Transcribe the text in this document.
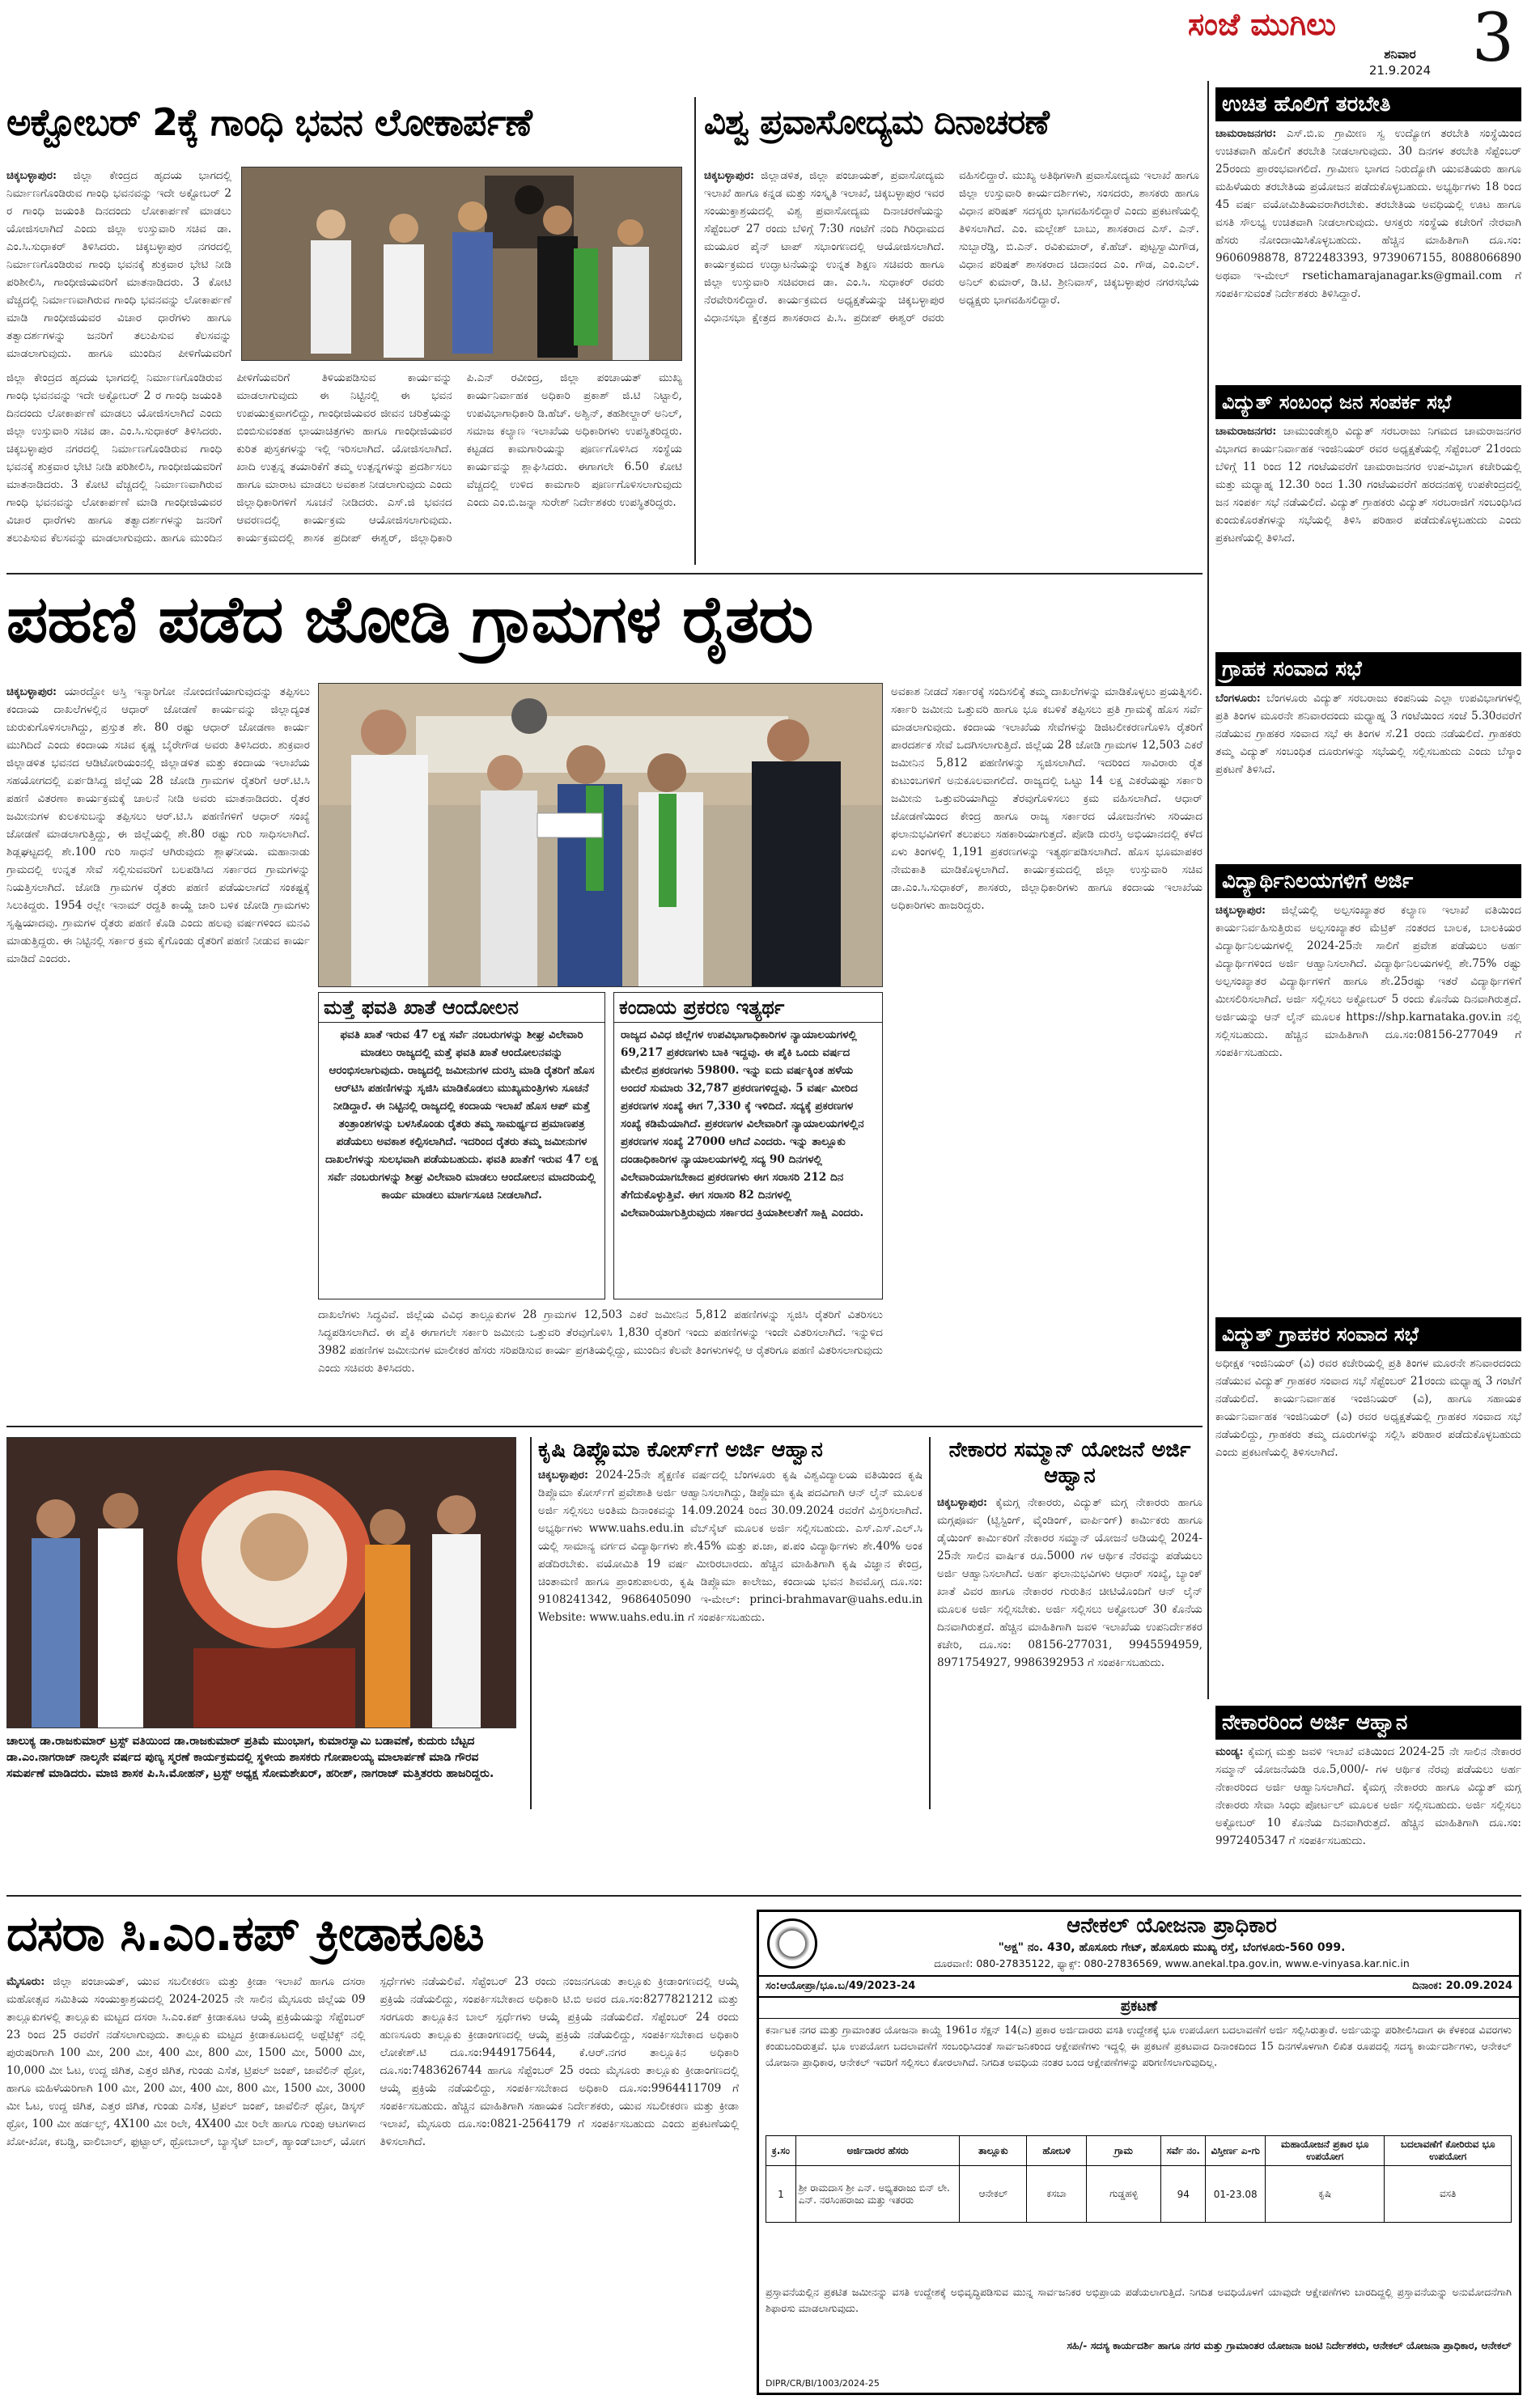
ಸಂಜೆ ಮುಗಿಲು
ಶನಿವಾರ
21.9.2024 3
ಅಕ್ಟೋಬರ್ 2ಕ್ಕೆ ಗಾಂಧಿ ಭವನ ಲೋಕಾರ್ಪಣೆ
ಚಿಕ್ಕಬಳ್ಳಾಪುರ: ಜಿಲ್ಲಾ ಕೇಂದ್ರದ ಹೃದಯ ಭಾಗದಲ್ಲಿ ನಿರ್ಮಾಣಗೊಂಡಿರುವ ಗಾಂಧಿ ಭವನವನ್ನು ಇದೇ ಅಕ್ಟೋಬರ್ 2 ರ ಗಾಂಧಿ ಜಯಂತಿ ದಿನದಂದು ಲೋಕಾರ್ಪಣೆ ಮಾಡಲು ಯೋಜಿಸಲಾಗಿದೆ ಎಂದು ಜಿಲ್ಲಾ ಉಸ್ತುವಾರಿ ಸಚಿವ ಡಾ. ಎಂ.ಸಿ.ಸುಧಾಕರ್ ತಿಳಿಸಿದರು. ಚಿಕ್ಕಬಳ್ಳಾಪುರ ನಗರದಲ್ಲಿ ನಿರ್ಮಾಣಗೊಂಡಿರುವ ಗಾಂಧಿ ಭವನಕ್ಕೆ ಶುಕ್ರವಾರ ಭೇಟಿ ನೀಡಿ ಪರಿಶೀಲಿಸಿ, ಗಾಂಧೀಜಿಯವರಿಗೆ ಮಾತನಾಡಿದರು. 3 ಕೋಟಿ ವೆಚ್ಚದಲ್ಲಿ ನಿರ್ಮಾಣವಾಗಿರುವ ಗಾಂಧಿ ಭವನವನ್ನು ಲೋಕಾರ್ಪಣೆ ಮಾಡಿ ಗಾಂಧೀಜಿಯವರ ವಿಚಾರ ಧಾರೆಗಳು ಹಾಗೂ ತತ್ವಾದರ್ಶಗಳನ್ನು ಜನರಿಗೆ ತಲುಪಿಸುವ ಕೆಲಸವನ್ನು ಮಾಡಲಾಗುವುದು. ಹಾಗೂ ಮುಂದಿನ ಪೀಳಿಗೆಯವರಿಗೆ
ಜಿಲ್ಲಾ ಕೇಂದ್ರದ ಹೃದಯ ಭಾಗದಲ್ಲಿ ನಿರ್ಮಾಣಗೊಂಡಿರುವ ಗಾಂಧಿ ಭವನವನ್ನು ಇದೇ ಅಕ್ಟೋಬರ್ 2 ರ ಗಾಂಧಿ ಜಯಂತಿ ದಿನದಂದು ಲೋಕಾರ್ಪಣೆ ಮಾಡಲು ಯೋಜಿಸಲಾಗಿದೆ ಎಂದು ಜಿಲ್ಲಾ ಉಸ್ತುವಾರಿ ಸಚಿವ ಡಾ. ಎಂ.ಸಿ.ಸುಧಾಕರ್ ತಿಳಿಸಿದರು. ಚಿಕ್ಕಬಳ್ಳಾಪುರ ನಗರದಲ್ಲಿ ನಿರ್ಮಾಣಗೊಂಡಿರುವ ಗಾಂಧಿ ಭವನಕ್ಕೆ ಶುಕ್ರವಾರ ಭೇಟಿ ನೀಡಿ ಪರಿಶೀಲಿಸಿ, ಗಾಂಧೀಜಿಯವರಿಗೆ ಮಾತನಾಡಿದರು. 3 ಕೋಟಿ ವೆಚ್ಚದಲ್ಲಿ ನಿರ್ಮಾಣವಾಗಿರುವ ಗಾಂಧಿ ಭವನವನ್ನು ಲೋಕಾರ್ಪಣೆ ಮಾಡಿ ಗಾಂಧೀಜಿಯವರ ವಿಚಾರ ಧಾರೆಗಳು ಹಾಗೂ ತತ್ವಾದರ್ಶಗಳನ್ನು ಜನರಿಗೆ ತಲುಪಿಸುವ ಕೆಲಸವನ್ನು ಮಾಡಲಾಗುವುದು. ಹಾಗೂ ಮುಂದಿನ ಪೀಳಿಗೆಯವರಿಗೆ ತಿಳಿಯಪಡಿಸುವ ಕಾರ್ಯವನ್ನು ಮಾಡಲಾಗುವುದು ಈ ನಿಟ್ಟಿನಲ್ಲಿ ಈ ಭವನ ಉಪಯುಕ್ತವಾಗಲಿದ್ದು, ಗಾಂಧೀಜಿಯವರ ಜೀವನ ಚರಿತ್ರೆಯನ್ನು ಬಿಂಬಿಸುವಂತಹ ಛಾಯಾಚಿತ್ರಗಳು ಹಾಗೂ ಗಾಂಧೀಜಿಯವರ ಕುರಿತ ಪುಸ್ತಕಗಳನ್ನು ಇಲ್ಲಿ ಇರಿಸಲಾಗಿದೆ. ಯೋಜಿಸಲಾಗಿದೆ. ಖಾದಿ ಉತ್ಪನ್ನ ತಯಾರಿಕೆಗೆ ತಮ್ಮ ಉತ್ಪನ್ನಗಳನ್ನು ಪ್ರದರ್ಶಿಸಲು ಹಾಗೂ ಮಾರಾಟ ಮಾಡಲು ಅವಕಾಶ ನೀಡಲಾಗುವುದು ಎಂದು ಜಿಲ್ಲಾಧಿಕಾರಿಗಳಿಗೆ ಸೂಚನೆ ನೀಡಿದರು. ಎಸ್.ಜಿ ಭವನದ ಆವರಣದಲ್ಲಿ ಕಾರ್ಯಕ್ರಮ ಆಯೋಜಿಸಲಾಗುವುದು. ಕಾರ್ಯಕ್ರಮದಲ್ಲಿ ಶಾಸಕ ಪ್ರದೀಪ್ ಈಶ್ವರ್, ಜಿಲ್ಲಾಧಿಕಾರಿ ಪಿ.ಎನ್ ರವೀಂದ್ರ, ಜಿಲ್ಲಾ ಪಂಚಾಯತ್ ಮುಖ್ಯ ಕಾರ್ಯನಿರ್ವಾಹಕ ಅಧಿಕಾರಿ ಪ್ರಕಾಶ್ ಜಿ.ಟಿ ನಿಟ್ಟಾಲಿ, ಉಪವಿಭಾಗಾಧಿಕಾರಿ ಡಿ.ಹೆಚ್. ಅಶ್ವಿನ್, ತಹಶೀಲ್ದಾರ್ ಅನಿಲ್, ಸಮಾಜ ಕಲ್ಯಾಣ ಇಲಾಖೆಯ ಅಧಿಕಾರಿಗಳು ಉಪಸ್ಥಿತರಿದ್ದರು. ಕಟ್ಟಡದ ಕಾಮಗಾರಿಯನ್ನು ಪೂರ್ಣಗೊಳಿಸಿದ ಸಂಸ್ಥೆಯ ಕಾರ್ಯವನ್ನು ಶ್ಲಾಘಿಸಿದರು. ಈಗಾಗಲೇ 6.50 ಕೋಟಿ ವೆಚ್ಚದಲ್ಲಿ ಉಳಿದ ಕಾಮಗಾರಿ ಪೂರ್ಣಗೊಳಿಸಲಾಗುವುದು ಎಂದು ಎಂ.ಬಿ.ಜನ್ನಾ ಸುರೇಶ್ ನಿರ್ದೇಶಕರು ಉಪಸ್ಥಿತರಿದ್ದರು.
ವಿಶ್ವ ಪ್ರವಾಸೋದ್ಯಮ ದಿನಾಚರಣೆ
ಚಿಕ್ಕಬಳ್ಳಾಪುರ: ಜಿಲ್ಲಾಡಳಿತ, ಜಿಲ್ಲಾ ಪಂಚಾಯತ್, ಪ್ರವಾಸೋದ್ಯಮ ಇಲಾಖೆ ಹಾಗೂ ಕನ್ನಡ ಮತ್ತು ಸಂಸ್ಕೃತಿ ಇಲಾಖೆ, ಚಿಕ್ಕಬಳ್ಳಾಪುರ ಇವರ ಸಂಯುಕ್ತಾಶ್ರಯದಲ್ಲಿ ವಿಶ್ವ ಪ್ರವಾಸೋದ್ಯಮ ದಿನಾಚರಣೆಯನ್ನು ಸೆಪ್ಟೆಂಬರ್ 27 ರಂದು ಬೆಳಿಗ್ಗೆ 7:30 ಗಂಟೆಗೆ ನಂದಿ ಗಿರಿಧಾಮದ ಮಯೂರ ಪೈನ್ ಟಾಪ್ ಸಭಾಂಗಣದಲ್ಲಿ ಆಯೋಜಿಸಲಾಗಿದೆ. ಕಾರ್ಯಕ್ರಮದ ಉದ್ಘಾಟನೆಯನ್ನು ಉನ್ನತ ಶಿಕ್ಷಣ ಸಚಿವರು ಹಾಗೂ ಜಿಲ್ಲಾ ಉಸ್ತುವಾರಿ ಸಚಿವರಾದ ಡಾ. ಎಂ.ಸಿ. ಸುಧಾಕರ್ ರವರು ನೆರವೇರಿಸಲಿದ್ದಾರೆ. ಕಾರ್ಯಕ್ರಮದ ಅಧ್ಯಕ್ಷತೆಯನ್ನು ಚಿಕ್ಕಬಳ್ಳಾಪುರ ವಿಧಾನಸಭಾ ಕ್ಷೇತ್ರದ ಶಾಸಕರಾದ ಪಿ.ಸಿ. ಪ್ರದೀಪ್ ಈಶ್ವರ್ ರವರು ವಹಿಸಲಿದ್ದಾರೆ. ಮುಖ್ಯ ಅತಿಥಿಗಳಾಗಿ ಪ್ರವಾಸೋದ್ಯಮ ಇಲಾಖೆ ಹಾಗೂ ಜಿಲ್ಲಾ ಉಸ್ತುವಾರಿ ಕಾರ್ಯದರ್ಶಿಗಳು, ಸಂಸದರು, ಶಾಸಕರು ಹಾಗೂ ವಿಧಾನ ಪರಿಷತ್ ಸದಸ್ಯರು ಭಾಗವಹಿಸಲಿದ್ದಾರೆ ಎಂದು ಪ್ರಕಟಣೆಯಲ್ಲಿ ತಿಳಿಸಲಾಗಿದೆ. ಎಂ. ಮಲ್ಲೇಶ್ ಬಾಬು, ಶಾಸಕರಾದ ಎಸ್. ಎನ್. ಸುಬ್ಬಾರೆಡ್ಡಿ, ಬಿ.ಎನ್. ರವಿಕುಮಾರ್, ಕೆ.ಹೆಚ್. ಪುಟ್ಟಸ್ವಾಮಿಗೌಡ, ವಿಧಾನ ಪರಿಷತ್ ಶಾಸಕರಾದ ಚಿದಾನಂದ ಎಂ. ಗೌಡ, ಎಂ.ಎಲ್. ಅನಿಲ್ ಕುಮಾರ್, ಡಿ.ಟಿ. ಶ್ರೀನಿವಾಸ್, ಚಿಕ್ಕಬಳ್ಳಾಪುರ ನಗರಸಭೆಯ ಅಧ್ಯಕ್ಷರು ಭಾಗವಹಿಸಲಿದ್ದಾರೆ.
ಉಚಿತ ಹೊಲಿಗೆ ತರಬೇತಿ
ಚಾಮರಾಜನಗರ: ಎಸ್.ಬಿ.ಐ ಗ್ರಾಮೀಣ ಸ್ವ ಉದ್ಯೋಗ ತರಬೇತಿ ಸಂಸ್ಥೆಯಿಂದ ಉಚಿತವಾಗಿ ಹೊಲಿಗೆ ತರಬೇತಿ ನೀಡಲಾಗುವುದು. 30 ದಿನಗಳ ತರಬೇತಿ ಸೆಪ್ಟೆಂಬರ್ 25ರಂದು ಪ್ರಾರಂಭವಾಗಲಿದೆ. ಗ್ರಾಮೀಣ ಭಾಗದ ನಿರುದ್ಯೋಗಿ ಯುವತಿಯರು ಹಾಗೂ ಮಹಿಳೆಯರು ತರಬೇತಿಯ ಪ್ರಯೋಜನ ಪಡೆದುಕೊಳ್ಳಬಹುದು. ಅಭ್ಯರ್ಥಿಗಳು 18 ರಿಂದ 45 ವರ್ಷ ವಯೋಮಿತಿಯವರಾಗಿರಬೇಕು. ತರಬೇತಿಯ ಅವಧಿಯಲ್ಲಿ ಊಟ ಹಾಗೂ ವಸತಿ ಸೌಲಭ್ಯ ಉಚಿತವಾಗಿ ನೀಡಲಾಗುವುದು. ಆಸಕ್ತರು ಸಂಸ್ಥೆಯ ಕಚೇರಿಗೆ ನೇರವಾಗಿ ಹೆಸರು ನೋಂದಾಯಿಸಿಕೊಳ್ಳಬಹುದು. ಹೆಚ್ಚಿನ ಮಾಹಿತಿಗಾಗಿ ದೂ.ಸಂ: 9606098878, 8722483393, 9739067155, 8088066890 ಅಥವಾ ಇ-ಮೇಲ್ rsetichamarajanagar.ks@gmail.com ಗೆ ಸಂಪರ್ಕಿಸುವಂತೆ ನಿರ್ದೇಶಕರು ತಿಳಿಸಿದ್ದಾರೆ.
ವಿದ್ಯುತ್ ಸಂಬಂಧ ಜನ ಸಂಪರ್ಕ ಸಭೆ
ಚಾಮರಾಜನಗರ: ಚಾಮುಂಡೇಶ್ವರಿ ವಿದ್ಯುತ್ ಸರಬರಾಜು ನಿಗಮದ ಚಾಮರಾಜನಗರ ವಿಭಾಗದ ಕಾರ್ಯನಿರ್ವಾಹಕ ಇಂಜಿನಿಯರ್ ರವರ ಅಧ್ಯಕ್ಷತೆಯಲ್ಲಿ ಸೆಪ್ಟೆಂಬರ್ 21ರಂದು ಬೆಳಿಗ್ಗೆ 11 ರಿಂದ 12 ಗಂಟೆಯವರೆಗೆ ಚಾಮರಾಜನಗರ ಉಪ-ವಿಭಾಗ ಕಚೇರಿಯಲ್ಲಿ ಮತ್ತು ಮಧ್ಯಾಹ್ನ 12.30 ರಿಂದ 1.30 ಗಂಟೆಯವರೆಗೆ ಹರದನಹಳ್ಳಿ ಉಪಕೇಂದ್ರದಲ್ಲಿ ಜನ ಸಂಪರ್ಕ ಸಭೆ ನಡೆಯಲಿದೆ. ವಿದ್ಯುತ್ ಗ್ರಾಹಕರು ವಿದ್ಯುತ್ ಸರಬರಾಜಿಗೆ ಸಂಬಂಧಿಸಿದ ಕುಂದುಕೊರತೆಗಳನ್ನು ಸಭೆಯಲ್ಲಿ ತಿಳಿಸಿ ಪರಿಹಾರ ಪಡೆದುಕೊಳ್ಳಬಹುದು ಎಂದು ಪ್ರಕಟಣೆಯಲ್ಲಿ ತಿಳಿಸಿದೆ.
ಗ್ರಾಹಕ ಸಂವಾದ ಸಭೆ
ಬೆಂಗಳೂರು: ಬೆಂಗಳೂರು ವಿದ್ಯುತ್ ಸರಬರಾಜು ಕಂಪನಿಯ ಎಲ್ಲಾ ಉಪವಿಭಾಗಗಳಲ್ಲಿ ಪ್ರತಿ ತಿಂಗಳ ಮೂರನೇ ಶನಿವಾರದಂದು ಮಧ್ಯಾಹ್ನ 3 ಗಂಟೆಯಿಂದ ಸಂಜೆ 5.30ರವರೆಗೆ ನಡೆಯುವ ಗ್ರಾಹಕರ ಸಂವಾದ ಸಭೆ ಈ ತಿಂಗಳ ಸೆ.21 ರಂದು ನಡೆಯಲಿದೆ. ಗ್ರಾಹಕರು ತಮ್ಮ ವಿದ್ಯುತ್ ಸಂಬಂಧಿತ ದೂರುಗಳನ್ನು ಸಭೆಯಲ್ಲಿ ಸಲ್ಲಿಸಬಹುದು ಎಂದು ಬೆಸ್ಕಾಂ ಪ್ರಕಟಣೆ ತಿಳಿಸಿದೆ.
ವಿದ್ಯಾರ್ಥಿನಿಲಯಗಳಿಗೆ ಅರ್ಜಿ
ಚಿಕ್ಕಬಳ್ಳಾಪುರ: ಜಿಲ್ಲೆಯಲ್ಲಿ ಅಲ್ಪಸಂಖ್ಯಾತರ ಕಲ್ಯಾಣ ಇಲಾಖೆ ವತಿಯಿಂದ ಕಾರ್ಯನಿರ್ವಹಿಸುತ್ತಿರುವ ಅಲ್ಪಸಂಖ್ಯಾತರ ಮೆಟ್ರಿಕ್ ನಂತರದ ಬಾಲಕ, ಬಾಲಕಿಯರ ವಿದ್ಯಾರ್ಥಿನಿಲಯಗಳಲ್ಲಿ 2024-25ನೇ ಸಾಲಿಗೆ ಪ್ರವೇಶ ಪಡೆಯಲು ಅರ್ಹ ವಿದ್ಯಾರ್ಥಿಗಳಿಂದ ಅರ್ಜಿ ಆಹ್ವಾನಿಸಲಾಗಿದೆ. ವಿದ್ಯಾರ್ಥಿನಿಲಯಗಳಲ್ಲಿ ಶೇ.75% ರಷ್ಟು ಅಲ್ಪಸಂಖ್ಯಾತರ ವಿದ್ಯಾರ್ಥಿಗಳಿಗೆ ಹಾಗೂ ಶೇ.25ರಷ್ಟು ಇತರೆ ವಿದ್ಯಾರ್ಥಿಗಳಿಗೆ ಮೀಸಲಿರಿಸಲಾಗಿದೆ. ಅರ್ಜಿ ಸಲ್ಲಿಸಲು ಅಕ್ಟೋಬರ್ 5 ರಂದು ಕೊನೆಯ ದಿನವಾಗಿರುತ್ತದೆ. ಅರ್ಜಿಯನ್ನು ಆನ್ ಲೈನ್ ಮೂಲಕ https://shp.karnataka.gov.in ನಲ್ಲಿ ಸಲ್ಲಿಸಬಹುದು. ಹೆಚ್ಚಿನ ಮಾಹಿತಿಗಾಗಿ ದೂ.ಸಂ:08156-277049 ಗೆ ಸಂಪರ್ಕಿಸಬಹುದು.
ವಿದ್ಯುತ್ ಗ್ರಾಹಕರ ಸಂವಾದ ಸಭೆ
ಅಧೀಕ್ಷಕ ಇಂಜಿನಿಯರ್ (ವಿ) ರವರ ಕಚೇರಿಯಲ್ಲಿ ಪ್ರತಿ ತಿಂಗಳ ಮೂರನೇ ಶನಿವಾರದಂದು ನಡೆಯುವ ವಿದ್ಯುತ್ ಗ್ರಾಹಕರ ಸಂವಾದ ಸಭೆ ಸೆಪ್ಟೆಂಬರ್ 21ರಂದು ಮಧ್ಯಾಹ್ನ 3 ಗಂಟೆಗೆ ನಡೆಯಲಿದೆ. ಕಾರ್ಯನಿರ್ವಾಹಕ ಇಂಜಿನಿಯರ್ (ವಿ), ಹಾಗೂ ಸಹಾಯಕ ಕಾರ್ಯನಿರ್ವಾಹಕ ಇಂಜಿನಿಯರ್ (ವಿ) ರವರ ಅಧ್ಯಕ್ಷತೆಯಲ್ಲಿ ಗ್ರಾಹಕರ ಸಂವಾದ ಸಭೆ ನಡೆಯಲಿದ್ದು, ಗ್ರಾಹಕರು ತಮ್ಮ ದೂರುಗಳನ್ನು ಸಲ್ಲಿಸಿ ಪರಿಹಾರ ಪಡೆದುಕೊಳ್ಳಬಹುದು ಎಂದು ಪ್ರಕಟಣೆಯಲ್ಲಿ ತಿಳಿಸಲಾಗಿದೆ.
ನೇಕಾರರಿಂದ ಅರ್ಜಿ ಆಹ್ವಾನ
ಮಂಡ್ಯ: ಕೈಮಗ್ಗ ಮತ್ತು ಜವಳಿ ಇಲಾಖೆ ವತಿಯಿಂದ 2024-25 ನೇ ಸಾಲಿನ ನೇಕಾರರ ಸಮ್ಮಾನ್ ಯೋಜನೆಯಡಿ ರೂ.5,000/- ಗಳ ಆರ್ಥಿಕ ನೆರವು ಪಡೆಯಲು ಅರ್ಹ ನೇಕಾರರಿಂದ ಅರ್ಜಿ ಆಹ್ವಾನಿಸಲಾಗಿದೆ. ಕೈಮಗ್ಗ ನೇಕಾರರು ಹಾಗೂ ವಿದ್ಯುತ್ ಮಗ್ಗ ನೇಕಾರರು ಸೇವಾ ಸಿಂಧು ಪೋರ್ಟಲ್ ಮೂಲಕ ಅರ್ಜಿ ಸಲ್ಲಿಸಬಹುದು. ಅರ್ಜಿ ಸಲ್ಲಿಸಲು ಅಕ್ಟೋಬರ್ 10 ಕೊನೆಯ ದಿನವಾಗಿರುತ್ತದೆ. ಹೆಚ್ಚಿನ ಮಾಹಿತಿಗಾಗಿ ದೂ.ಸಂ: 9972405347 ಗೆ ಸಂಪರ್ಕಿಸಬಹುದು.
ಪಹಣಿ ಪಡೆದ ಜೋಡಿ ಗ್ರಾಮಗಳ ರೈತರು
ಚಿಕ್ಕಬಳ್ಳಾಪುರ: ಯಾರದ್ದೋ ಅಸ್ತಿ ಇನ್ಯಾರಿಗೋ ನೋಂದಣಿಯಾಗುವುದನ್ನು ತಪ್ಪಿಸಲು ಕಂದಾಯ ದಾಖಲೆಗಳಲ್ಲಿನ ಆಧಾರ್ ಜೋಡಣೆ ಕಾರ್ಯವನ್ನು ಜಿಲ್ಲಾದ್ಯಂತ ಚುರುಕುಗೊಳಿಸಲಾಗಿದ್ದು, ಪ್ರಸ್ತುತ ಶೇ. 80 ರಷ್ಟು ಆಧಾರ್ ಜೋಡಣಾ ಕಾರ್ಯ ಮುಗಿದಿದೆ ಎಂದು ಕಂದಾಯ ಸಚಿವ ಕೃಷ್ಣ ಬೈರೇಗೌಡ ಅವರು ತಿಳಿಸಿದರು. ಶುಕ್ರವಾರ ಜಿಲ್ಲಾಡಳಿತ ಭವನದ ಆಡಿಟೋರಿಯಂನಲ್ಲಿ ಜಿಲ್ಲಾಡಳಿತ ಮತ್ತು ಕಂದಾಯ ಇಲಾಖೆಯ ಸಹಯೋಗದಲ್ಲಿ ಏರ್ಪಡಿಸಿದ್ದ ಜಿಲ್ಲೆಯ 28 ಜೋಡಿ ಗ್ರಾಮಗಳ ರೈತರಿಗೆ ಆರ್.ಟಿ.ಸಿ ಪಹಣಿ ವಿತರಣಾ ಕಾರ್ಯಕ್ರಮಕ್ಕೆ ಚಾಲನೆ ನೀಡಿ ಅವರು ಮಾತನಾಡಿದರು. ರೈತರ ಜಮೀನುಗಳ ಕುಲಕಸುಬನ್ನು ತಪ್ಪಿಸಲು ಆರ್.ಟಿ.ಸಿ ಪಹಣಿಗಳಿಗೆ ಆಧಾರ್ ಸಂಖ್ಯೆ ಜೋಡಣೆ ಮಾಡಲಾಗುತ್ತಿದ್ದು, ಈ ಜಿಲ್ಲೆಯಲ್ಲಿ ಶೇ.80 ರಷ್ಟು ಗುರಿ ಸಾಧಿಸಲಾಗಿದೆ. ಶಿಡ್ಲಘಟ್ಟದಲ್ಲಿ ಶೇ.100 ಗುರಿ ಸಾಧನೆ ಆಗಿರುವುದು ಶ್ಲಾಘನೀಯ. ಮಹಾನಾಡು ಗ್ರಾಮದಲ್ಲಿ ಉನ್ನತ ಸೇವೆ ಸಲ್ಲಿಸುವವರಿಗೆ ಬಲಪಡಿಸಿದ ಸರ್ಕಾರದ ಗ್ರಾಮಗಳನ್ನು ನಿಯತ್ತಿಸಲಾಗಿದೆ. ಜೋಡಿ ಗ್ರಾಮಗಳ ರೈತರು ಪಹಣಿ ಪಡೆಯಲಾಗದೆ ಸಂಕಷ್ಟಕ್ಕೆ ಸಿಲುಕಿದ್ದರು. 1954 ರಲ್ಲೇ ಇನಾಮ್ ರದ್ದತಿ ಕಾಯ್ದೆ ಜಾರಿ ಬಳಿಕ ಜೋಡಿ ಗ್ರಾಮಗಳು ಸೃಷ್ಟಿಯಾದವು. ಗ್ರಾಮಗಳ ರೈತರು ಪಹಣಿ ಕೊಡಿ ಎಂದು ಹಲವು ವರ್ಷಗಳಿಂದ ಮನವಿ ಮಾಡುತ್ತಿದ್ದರು. ಈ ನಿಟ್ಟಿನಲ್ಲಿ ಸರ್ಕಾರ ಕ್ರಮ ಕೈಗೊಂಡು ರೈತರಿಗೆ ಪಹಣಿ ನೀಡುವ ಕಾರ್ಯ ಮಾಡಿದೆ ಎಂದರು.
ಮತ್ತೆ ಫವತಿ ಖಾತೆ ಆಂದೋಲನ
ಫವತಿ ಖಾತೆ ಇರುವ 47 ಲಕ್ಷ ಸರ್ವೆ ನಂಬರುಗಳನ್ನು ಶೀಘ್ರ ವಿಲೇವಾರಿ ಮಾಡಲು ರಾಜ್ಯದಲ್ಲಿ ಮತ್ತೆ ಫವತಿ ಖಾತೆ ಆಂದೋಲನವನ್ನು ಆರಂಭಿಸಲಾಗುವುದು. ರಾಜ್ಯದಲ್ಲಿ ಜಮೀನುಗಳ ದುರಸ್ತಿ ಮಾಡಿ ರೈತರಿಗೆ ಹೊಸ ಆರ್‌ಟಿಸಿ ಪಹಣಿಗಳನ್ನು ಸೃಜಿಸಿ ಮಾಡಿಕೊಡಲು ಮುಖ್ಯಮಂತ್ರಿಗಳು ಸೂಚನೆ ನೀಡಿದ್ದಾರೆ. ಈ ನಿಟ್ಟಿನಲ್ಲಿ ರಾಜ್ಯದಲ್ಲಿ ಕಂದಾಯ ಇಲಾಖೆ ಹೊಸ ಆಪ್ ಮತ್ತೆ ತಂತ್ರಾಂಶಗಳನ್ನು ಬಳಸಿಕೊಂಡು ರೈತರು ತಮ್ಮ ಸಾಮರ್ಥ್ಯದ ಪ್ರಮಾಣಪತ್ರ ಪಡೆಯಲು ಅವಕಾಶ ಕಲ್ಪಿಸಲಾಗಿದೆ. ಇದರಿಂದ ರೈತರು ತಮ್ಮ ಜಮೀನುಗಳ ದಾಖಲೆಗಳನ್ನು ಸುಲಭವಾಗಿ ಪಡೆಯಬಹುದು. ಫವತಿ ಖಾತೆಗೆ ಇರುವ 47 ಲಕ್ಷ ಸರ್ವೆ ನಂಬರುಗಳನ್ನು ಶೀಘ್ರ ವಿಲೇವಾರಿ ಮಾಡಲು ಆಂದೋಲನ ಮಾದರಿಯಲ್ಲಿ ಕಾರ್ಯ ಮಾಡಲು ಮಾರ್ಗಸೂಚಿ ನೀಡಲಾಗಿದೆ.
ಕಂದಾಯ ಪ್ರಕರಣ ಇತ್ಯರ್ಥ
ರಾಜ್ಯದ ವಿವಿಧ ಜಿಲ್ಲೆಗಳ ಉಪವಿಭಾಗಾಧಿಕಾರಿಗಳ ನ್ಯಾಯಾಲಯಗಳಲ್ಲಿ 69,217 ಪ್ರಕರಣಗಳು ಬಾಕಿ ಇದ್ದವು. ಈ ಪೈಕಿ ಒಂದು ವರ್ಷದ ಮೇಲಿನ ಪ್ರಕರಣಗಳು 59800. ಇನ್ನು ಐದು ವರ್ಷಕ್ಕಿಂತ ಹಳೆಯ ಅಂದರೆ ಸುಮಾರು 32,787 ಪ್ರಕರಣಗಳಿದ್ದವು. 5 ವರ್ಷ ಮೀರಿದ ಪ್ರಕರಣಗಳ ಸಂಖ್ಯೆ ಈಗ 7,330 ಕ್ಕೆ ಇಳಿದಿದೆ. ಸದ್ಯಕ್ಕೆ ಪ್ರಕರಣಗಳ ಸಂಖ್ಯೆ ಕಡಿಮೆಯಾಗಿದೆ. ಪ್ರಕರಣಗಳ ವಿಲೇವಾರಿಗೆ ನ್ಯಾಯಾಲಯಗಳಲ್ಲಿನ ಪ್ರಕರಣಗಳ ಸಂಖ್ಯೆ 27000 ಆಗಿದೆ ಎಂದರು. ಇನ್ನು ತಾಲ್ಲೂಕು ದಂಡಾಧಿಕಾರಿಗಳ ನ್ಯಾಯಾಲಯಗಳಲ್ಲಿ ಸದ್ಯ 90 ದಿನಗಳಲ್ಲಿ ವಿಲೇವಾರಿಯಾಗಬೇಕಾದ ಪ್ರಕರಣಗಳು ಈಗ ಸರಾಸರಿ 212 ದಿನ ತೆಗೆದುಕೊಳ್ಳುತ್ತಿವೆ. ಈಗ ಸರಾಸರಿ 82 ದಿನಗಳಲ್ಲಿ ವಿಲೇವಾರಿಯಾಗುತ್ತಿರುವುದು ಸರ್ಕಾರದ ಕ್ರಿಯಾಶೀಲತೆಗೆ ಸಾಕ್ಷಿ ಎಂದರು.
ದಾಖಲೆಗಳು ಸಿದ್ಧವಿವೆ. ಜಿಲ್ಲೆಯ ವಿವಿಧ ತಾಲ್ಲೂಕುಗಳ 28 ಗ್ರಾಮಗಳ 12,503 ಎಕರೆ ಜಮೀನಿನ 5,812 ಪಹಣಿಗಳನ್ನು ಸೃಜಿಸಿ ರೈತರಿಗೆ ವಿತರಿಸಲು ಸಿದ್ಧಪಡಿಸಲಾಗಿದೆ. ಈ ಪೈಕಿ ಈಗಾಗಲೇ ಸರ್ಕಾರಿ ಜಮೀನು ಒತ್ತುವರಿ ತೆರವುಗೊಳಿಸಿ 1,830 ರೈತರಿಗೆ ಇಂದು ಪಹಣಿಗಳನ್ನು ಇಂದೇ ವಿತರಿಸಲಾಗಿದೆ. ಇನ್ನುಳಿದ 3982 ಪಹಣಿಗಳ ಜಮೀನುಗಳ ಮಾಲೀಕರ ಹೆಸರು ಸರಿಪಡಿಸುವ ಕಾರ್ಯ ಪ್ರಗತಿಯಲ್ಲಿದ್ದು, ಮುಂದಿನ ಕೆಲವೇ ತಿಂಗಳುಗಳಲ್ಲಿ ಆ ರೈತರಿಗೂ ಪಹಣಿ ವಿತರಿಸಲಾಗುವುದು ಎಂದು ಸಚಿವರು ತಿಳಿಸಿದರು.
ಅವಕಾಶ ನೀಡದೆ ಸರ್ಕಾರಕ್ಕೆ ಸಂದಿಸಲಿಕ್ಕೆ ತಮ್ಮ ದಾಖಲೆಗಳನ್ನು ಮಾಡಿಕೊಳ್ಳಲು ಪ್ರಯತ್ನಿಸಲಿ. ಸರ್ಕಾರಿ ಜಮೀನು ಒತ್ತುವರಿ ಹಾಗೂ ಭೂ ಕಬಳಿಕೆ ತಪ್ಪಿಸಲು ಪ್ರತಿ ಗ್ರಾಮಕ್ಕೆ ಹೊಸ ಸರ್ವೆ ಮಾಡಲಾಗುವುದು. ಕಂದಾಯ ಇಲಾಖೆಯ ಸೇವೆಗಳನ್ನು ಡಿಜಿಟಲೀಕರಣಗೊಳಿಸಿ ರೈತರಿಗೆ ಪಾರದರ್ಶಕ ಸೇವೆ ಒದಗಿಸಲಾಗುತ್ತಿದೆ. ಜಿಲ್ಲೆಯ 28 ಜೋಡಿ ಗ್ರಾಮಗಳ 12,503 ಎಕರೆ ಜಮೀನಿನ 5,812 ಪಹಣಿಗಳನ್ನು ಸೃಜಿಸಲಾಗಿದೆ. ಇದರಿಂದ ಸಾವಿರಾರು ರೈತ ಕುಟುಂಬಗಳಿಗೆ ಅನುಕೂಲವಾಗಲಿದೆ. ರಾಜ್ಯದಲ್ಲಿ ಒಟ್ಟು 14 ಲಕ್ಷ ಎಕರೆಯಷ್ಟು ಸರ್ಕಾರಿ ಜಮೀನು ಒತ್ತುವರಿಯಾಗಿದ್ದು ತೆರವುಗೊಳಿಸಲು ಕ್ರಮ ವಹಿಸಲಾಗಿದೆ. ಆಧಾರ್ ಜೋಡಣೆಯಿಂದ ಕೇಂದ್ರ ಹಾಗೂ ರಾಜ್ಯ ಸರ್ಕಾರದ ಯೋಜನೆಗಳು ಸರಿಯಾದ ಫಲಾನುಭವಿಗಳಿಗೆ ತಲುಪಲು ಸಹಕಾರಿಯಾಗುತ್ತದೆ. ಪೋಡಿ ದುರಸ್ತಿ ಅಭಿಯಾನದಲ್ಲಿ ಕಳೆದ ಏಳು ತಿಂಗಳಲ್ಲಿ 1,191 ಪ್ರಕರಣಗಳನ್ನು ಇತ್ಯರ್ಥಪಡಿಸಲಾಗಿದೆ. ಹೊಸ ಭೂಮಾಪಕರ ನೇಮಕಾತಿ ಮಾಡಿಕೊಳ್ಳಲಾಗಿದೆ. ಕಾರ್ಯಕ್ರಮದಲ್ಲಿ ಜಿಲ್ಲಾ ಉಸ್ತುವಾರಿ ಸಚಿವ ಡಾ.ಎಂ.ಸಿ.ಸುಧಾಕರ್, ಶಾಸಕರು, ಜಿಲ್ಲಾಧಿಕಾರಿಗಳು ಹಾಗೂ ಕಂದಾಯ ಇಲಾಖೆಯ ಅಧಿಕಾರಿಗಳು ಹಾಜರಿದ್ದರು.
ಚಾಲುಕ್ಯ ಡಾ.ರಾಜಕುಮಾರ್ ಟ್ರಸ್ಟ್ ವತಿಯಿಂದ ಡಾ.ರಾಜಕುಮಾರ್ ಪ್ರತಿಮೆ ಮುಂಭಾಗ, ಕುಮಾರಸ್ವಾಮಿ ಬಡಾವಣೆ, ಕುದುರು ಬೆಟ್ಟದ ಡಾ.ಎಂ.ನಾಗರಾಜ್ ನಾಲ್ಕನೇ ವರ್ಷದ ಪುಣ್ಯ ಸ್ಮರಣೆ ಕಾರ್ಯಕ್ರಮದಲ್ಲಿ ಸ್ಥಳೀಯ ಶಾಸಕರು ಗೋಪಾಲಯ್ಯ ಮಾಲಾರ್ಪಣೆ ಮಾಡಿ ಗೌರವ ಸಮರ್ಪಣೆ ಮಾಡಿದರು. ಮಾಜಿ ಶಾಸಕ ಪಿ.ಸಿ.ಮೋಹನ್, ಟ್ರಸ್ಟ್ ಅಧ್ಯಕ್ಷ ಸೋಮಶೇಖರ್, ಹರೀಶ್, ನಾಗರಾಜ್ ಮತ್ತಿತರರು ಹಾಜರಿದ್ದರು.
ಕೃಷಿ ಡಿಪ್ಲೊಮಾ ಕೋರ್ಸ್‌ಗೆ ಅರ್ಜಿ ಆಹ್ವಾನ
ಚಿಕ್ಕಬಳ್ಳಾಪುರ: 2024-25ನೇ ಶೈಕ್ಷಣಿಕ ವರ್ಷದಲ್ಲಿ ಬೆಂಗಳೂರು ಕೃಷಿ ವಿಶ್ವವಿದ್ಯಾಲಯ ವತಿಯಿಂದ ಕೃಷಿ ಡಿಪ್ಲೊಮಾ ಕೋರ್ಸ್‌ಗೆ ಪ್ರವೇಶಾತಿ ಅರ್ಜಿ ಆಹ್ವಾನಿಸಲಾಗಿದ್ದು, ಡಿಪ್ಲೊಮಾ ಕೃಷಿ ಪದವಿಗಾಗಿ ಆನ್ ಲೈನ್ ಮೂಲಕ ಅರ್ಜಿ ಸಲ್ಲಿಸಲು ಅಂತಿಮ ದಿನಾಂಕವನ್ನು 14.09.2024 ರಿಂದ 30.09.2024 ರವರೆಗೆ ವಿಸ್ತರಿಸಲಾಗಿದೆ. ಅಭ್ಯರ್ಥಿಗಳು www.uahs.edu.in ವೆಬ್‌ಸೈಟ್ ಮೂಲಕ ಅರ್ಜಿ ಸಲ್ಲಿಸಬಹುದು. ಎಸ್.ಎಸ್.ಎಲ್.ಸಿ ಯಲ್ಲಿ ಸಾಮಾನ್ಯ ವರ್ಗದ ವಿದ್ಯಾರ್ಥಿಗಳು ಶೇ.45% ಮತ್ತು ಪ.ಜಾ, ಪ.ಪಂ ವಿದ್ಯಾರ್ಥಿಗಳು ಶೇ.40% ಅಂಕ ಪಡೆದಿರಬೇಕು. ವಯೋಮಿತಿ 19 ವರ್ಷ ಮೀರಿರಬಾರದು. ಹೆಚ್ಚಿನ ಮಾಹಿತಿಗಾಗಿ ಕೃಷಿ ವಿಜ್ಞಾನ ಕೇಂದ್ರ, ಚಿಂತಾಮಣಿ ಹಾಗೂ ಪ್ರಾಂಶುಪಾಲರು, ಕೃಷಿ ಡಿಪ್ಲೊಮಾ ಕಾಲೇಜು, ಕಂದಾಯ ಭವನ ಶಿವಮೊಗ್ಗ ದೂ.ಸಂ: 9108241342, 9686405090 ಇ-ಮೇಲ್: princi-brahmavar@uahs.edu.in Website: www.uahs.edu.in ಗೆ ಸಂಪರ್ಕಿಸಬಹುದು.
ನೇಕಾರರ ಸಮ್ಮಾನ್ ಯೋಜನೆ ಅರ್ಜಿ ಆಹ್ವಾನ
ಚಿಕ್ಕಬಳ್ಳಾಪುರ: ಕೈಮಗ್ಗ ನೇಕಾರರು, ವಿದ್ಯುತ್ ಮಗ್ಗ ನೇಕಾರರು ಹಾಗೂ ಮಗ್ಗಪೂರ್ವ (ಟ್ವಿಸ್ಟಿಂಗ್, ವೈಂಡಿಂಗ್, ವಾರ್ಪಿಂಗ್) ಕಾರ್ಮಿಕರು ಹಾಗೂ ಡೈಯಿಂಗ್ ಕಾರ್ಮಿಕರಿಗೆ ನೇಕಾರರ ಸಮ್ಮಾನ್ ಯೋಜನೆ ಅಡಿಯಲ್ಲಿ 2024-25ನೇ ಸಾಲಿನ ವಾರ್ಷಿಕ ರೂ.5000 ಗಳ ಆರ್ಥಿಕ ನೆರವನ್ನು ಪಡೆಯಲು ಅರ್ಜಿ ಆಹ್ವಾನಿಸಲಾಗಿದೆ. ಅರ್ಹ ಫಲಾನುಭವಿಗಳು ಆಧಾರ್ ಸಂಖ್ಯೆ, ಬ್ಯಾಂಕ್ ಖಾತೆ ವಿವರ ಹಾಗೂ ನೇಕಾರರ ಗುರುತಿನ ಚೀಟಿಯೊಂದಿಗೆ ಆನ್ ಲೈನ್ ಮೂಲಕ ಅರ್ಜಿ ಸಲ್ಲಿಸಬೇಕು. ಅರ್ಜಿ ಸಲ್ಲಿಸಲು ಅಕ್ಟೋಬರ್ 30 ಕೊನೆಯ ದಿನವಾಗಿರುತ್ತದೆ. ಹೆಚ್ಚಿನ ಮಾಹಿತಿಗಾಗಿ ಜವಳಿ ಇಲಾಖೆಯ ಉಪನಿರ್ದೇಶಕರ ಕಚೇರಿ, ದೂ.ಸಂ: 08156-277031, 9945594959, 8971754927, 9986392953 ಗೆ ಸಂಪರ್ಕಿಸಬಹುದು.
ದಸರಾ ಸಿ.ಎಂ.ಕಪ್ ಕ್ರೀಡಾಕೂಟ
ಮೈಸೂರು: ಜಿಲ್ಲಾ ಪಂಚಾಯತ್, ಯುವ ಸಬಲೀಕರಣ ಮತ್ತು ಕ್ರೀಡಾ ಇಲಾಖೆ ಹಾಗೂ ದಸರಾ ಮಹೋತ್ಸವ ಸಮಿತಿಯ ಸಂಯುಕ್ತಾಶ್ರಯದಲ್ಲಿ 2024-2025 ನೇ ಸಾಲಿನ ಮೈಸೂರು ಜಿಲ್ಲೆಯ 09 ತಾಲ್ಲೂಕುಗಳಲ್ಲಿ ತಾಲ್ಲೂಕು ಮಟ್ಟದ ದಸರಾ ಸಿ.ಎಂ.ಕಪ್ ಕ್ರೀಡಾಕೂಟ ಆಯ್ಕೆ ಪ್ರಕ್ರಿಯೆಯನ್ನು ಸೆಪ್ಟೆಂಬರ್ 23 ರಿಂದ 25 ರವರೆಗೆ ನಡೆಸಲಾಗುವುದು. ತಾಲ್ಲೂಕು ಮಟ್ಟದ ಕ್ರೀಡಾಕೂಟದಲ್ಲಿ ಅಥ್ಲೆಟಿಕ್ಸ್ ನಲ್ಲಿ ಪುರುಷರಿಗಾಗಿ 100 ಮೀ, 200 ಮೀ, 400 ಮೀ, 800 ಮೀ, 1500 ಮೀ, 5000 ಮೀ, 10,000 ಮೀ ಓಟ, ಉದ್ದ ಜಿಗಿತ, ಎತ್ತರ ಜಿಗಿತ, ಗುಂಡು ಎಸೆತ, ಟ್ರಿಪಲ್ ಜಂಪ್, ಜಾವೆಲಿನ್ ಥ್ರೋ, ಹಾಗೂ ಮಹಿಳೆಯರಿಗಾಗಿ 100 ಮೀ, 200 ಮೀ, 400 ಮೀ, 800 ಮೀ, 1500 ಮೀ, 3000 ಮೀ ಓಟ, ಉದ್ದ ಜಿಗಿತ, ಎತ್ತರ ಜಿಗಿತ, ಗುಂಡು ಎಸೆತ, ಟ್ರಿಪಲ್ ಜಂಪ್, ಜಾವೆಲಿನ್ ಥ್ರೋ, ಡಿಸ್ಕಸ್ ಥ್ರೋ, 100 ಮೀ ಹರ್ಡಲ್ಸ್, 4X100 ಮೀ ರಿಲೇ, 4X400 ಮೀ ರಿಲೇ ಹಾಗೂ ಗುಂಪು ಆಟಗಳಾದ ಖೋ-ಖೋ, ಕಬಡ್ಡಿ, ವಾಲಿಬಾಲ್, ಫುಟ್ಬಾಲ್, ಥ್ರೋಬಾಲ್, ಬ್ಯಾಸ್ಕೆಟ್ ಬಾಲ್, ಹ್ಯಾಂಡ್‌ಬಾಲ್, ಯೋಗ ಸ್ಪರ್ಧೆಗಳು ನಡೆಯಲಿವೆ. ಸೆಪ್ಟೆಂಬರ್ 23 ರಂದು ನಂಜನಗೂಡು ತಾಲ್ಲೂಕು ಕ್ರೀಡಾಂಗಣದಲ್ಲಿ ಆಯ್ಕೆ ಪ್ರಕ್ರಿಯೆ ನಡೆಯಲಿದ್ದು, ಸಂಪರ್ಕಿಸಬೇಕಾದ ಅಧಿಕಾರಿ ಟಿ.ಬಿ ಅವರ ದೂ.ಸಂ:8277821212 ಮತ್ತು ಸರಗೂರು ತಾಲ್ಲೂಕಿನ ಬಾಲ್ ಸ್ಪರ್ಧೆಗಳು ಆಯ್ಕೆ ಪ್ರಕ್ರಿಯೆ ನಡೆಯಲಿದೆ. ಸೆಪ್ಟೆಂಬರ್ 24 ರಂದು ಹುಣಸೂರು ತಾಲ್ಲೂಕು ಕ್ರೀಡಾಂಗಣದಲ್ಲಿ ಆಯ್ಕೆ ಪ್ರಕ್ರಿಯೆ ನಡೆಯಲಿದ್ದು, ಸಂಪರ್ಕಿಸಬೇಕಾದ ಅಧಿಕಾರಿ ಲೋಕೇಶ್.ಟಿ ದೂ.ಸಂ:9449175644, ಕೆ.ಆರ್.ನಗರ ತಾಲ್ಲೂಕಿನ ಅಧಿಕಾರಿ ದೂ.ಸಂ:7483626744 ಹಾಗೂ ಸೆಪ್ಟೆಂಬರ್ 25 ರಂದು ಮೈಸೂರು ತಾಲ್ಲೂಕು ಕ್ರೀಡಾಂಗಣದಲ್ಲಿ ಆಯ್ಕೆ ಪ್ರಕ್ರಿಯೆ ನಡೆಯಲಿದ್ದು, ಸಂಪರ್ಕಿಸಬೇಕಾದ ಅಧಿಕಾರಿ ದೂ.ಸಂ:9964411709 ಗೆ ಸಂಪರ್ಕಿಸಬಹುದು. ಹೆಚ್ಚಿನ ಮಾಹಿತಿಗಾಗಿ ಸಹಾಯಕ ನಿರ್ದೇಶಕರು, ಯುವ ಸಬಲೀಕರಣ ಮತ್ತು ಕ್ರೀಡಾ ಇಲಾಖೆ, ಮೈಸೂರು ದೂ.ಸಂ:0821-2564179 ಗೆ ಸಂಪರ್ಕಿಸಬಹುದು ಎಂದು ಪ್ರಕಟಣೆಯಲ್ಲಿ ತಿಳಿಸಲಾಗಿದೆ.
ಆನೇಕಲ್ ಯೋಜನಾ ಪ್ರಾಧಿಕಾರ
"ಅಕ್ಷ" ನಂ. 430, ಹೊಸೂರು ಗೇಟ್, ಹೊಸೂರು ಮುಖ್ಯ ರಸ್ತೆ, ಬೆಂಗಳೂರು-560 099.
ದೂರವಾಣಿ: 080-27835122, ಫ್ಯಾಕ್ಸ್: 080-27836569, www.anekal.tpa.gov.in, www.e-vinyasa.kar.nic.in
ಸಂ:ಆಯೋಪ್ರಾ/ಭೂ.ಬ/49/2023-24	ದಿನಾಂಕ: 20.09.2024
ಪ್ರಕಟಣೆ
ಕರ್ನಾಟಕ ನಗರ ಮತ್ತು ಗ್ರಾಮಾಂತರ ಯೋಜನಾ ಕಾಯ್ದೆ 1961ರ ಸೆಕ್ಷನ್ 14(ಎ) ಪ್ರಕಾರ ಅರ್ಜಿದಾರರು ವಸತಿ ಉದ್ದೇಶಕ್ಕೆ ಭೂ ಉಪಯೋಗ ಬದಲಾವಣೆಗೆ ಅರ್ಜಿ ಸಲ್ಲಿಸಿರುತ್ತಾರೆ. ಅರ್ಜಿಯನ್ನು ಪರಿಶೀಲಿಸಿದಾಗ ಈ ಕೆಳಕಂಡ ವಿವರಗಳು ಕಂಡುಬಂದಿರುತ್ತವೆ. ಭೂ ಉಪಯೋಗ ಬದಲಾವಣೆಗೆ ಸಂಬಂಧಿಸಿದಂತೆ ಸಾರ್ವಜನಿಕರಿಂದ ಆಕ್ಷೇಪಣೆಗಳು ಇದ್ದಲ್ಲಿ ಈ ಪ್ರಕಟಣೆ ಪ್ರಕಟವಾದ ದಿನಾಂಕದಿಂದ 15 ದಿನಗಳೊಳಗಾಗಿ ಲಿಖಿತ ರೂಪದಲ್ಲಿ ಸದಸ್ಯ ಕಾರ್ಯದರ್ಶಿಗಳು, ಆನೇಕಲ್ ಯೋಜನಾ ಪ್ರಾಧಿಕಾರ, ಆನೇಕಲ್ ಇವರಿಗೆ ಸಲ್ಲಿಸಲು ಕೋರಲಾಗಿದೆ. ನಿಗದಿತ ಅವಧಿಯ ನಂತರ ಬಂದ ಆಕ್ಷೇಪಣೆಗಳನ್ನು ಪರಿಗಣಿಸಲಾಗುವುದಿಲ್ಲ.
ಕ್ರ.ಸಂ	ಅರ್ಜಿದಾರರ ಹೆಸರು	ತಾಲ್ಲೂಕು	ಹೋಬಳಿ	ಗ್ರಾಮ	ಸರ್ವೆ ನಂ.	ವಿಸ್ತೀರ್ಣ ಎ-ಗು	ಮಹಾಯೋಜನೆ ಪ್ರಕಾರ ಭೂ ಉಪಯೋಗ	ಬದಲಾವಣೆಗೆ ಕೋರಿರುವ ಭೂ ಉಪಯೋಗ
1	ಶ್ರೀ ರಾಮದಾಸ ಶ್ರೀ ಎನ್. ಅಭ್ಯಿತರಾಜು ಬಿನ್ ಲೇ. ಎನ್. ನರಸಿಂಹರಾಜು ಮತ್ತು ಇತರರು	ಆನೇಕಲ್	ಕಸಬಾ	ಗುಡ್ಡಹಳ್ಳಿ	94	01-23.08	ಕೃಷಿ	ವಸತಿ
ಪ್ರಸ್ತಾವನೆಯಲ್ಲಿನ ಪ್ರಕಟಿತ ಜಮೀನನ್ನು ವಸತಿ ಉದ್ದೇಶಕ್ಕೆ ಅಭಿವೃದ್ಧಿಪಡಿಸುವ ಮುನ್ನ ಸಾರ್ವಜನಿಕರ ಅಭಿಪ್ರಾಯ ಪಡೆಯಲಾಗುತ್ತಿದೆ. ನಿಗದಿತ ಅವಧಿಯೊಳಗೆ ಯಾವುದೇ ಆಕ್ಷೇಪಣೆಗಳು ಬಾರದಿದ್ದಲ್ಲಿ ಪ್ರಸ್ತಾವನೆಯನ್ನು ಅನುಮೋದನೆಗಾಗಿ ಶಿಫಾರಸು ಮಾಡಲಾಗುವುದು.
ಸಹಿ/- ಸದಸ್ಯ ಕಾರ್ಯದರ್ಶಿ ಹಾಗೂ ನಗರ ಮತ್ತು ಗ್ರಾಮಾಂತರ ಯೋಜನಾ ಜಂಟಿ ನಿರ್ದೇಶಕರು, ಆನೇಕಲ್ ಯೋಜನಾ ಪ್ರಾಧಿಕಾರ, ಆನೇಕಲ್
DIPR/CR/BI/1003/2024-25
